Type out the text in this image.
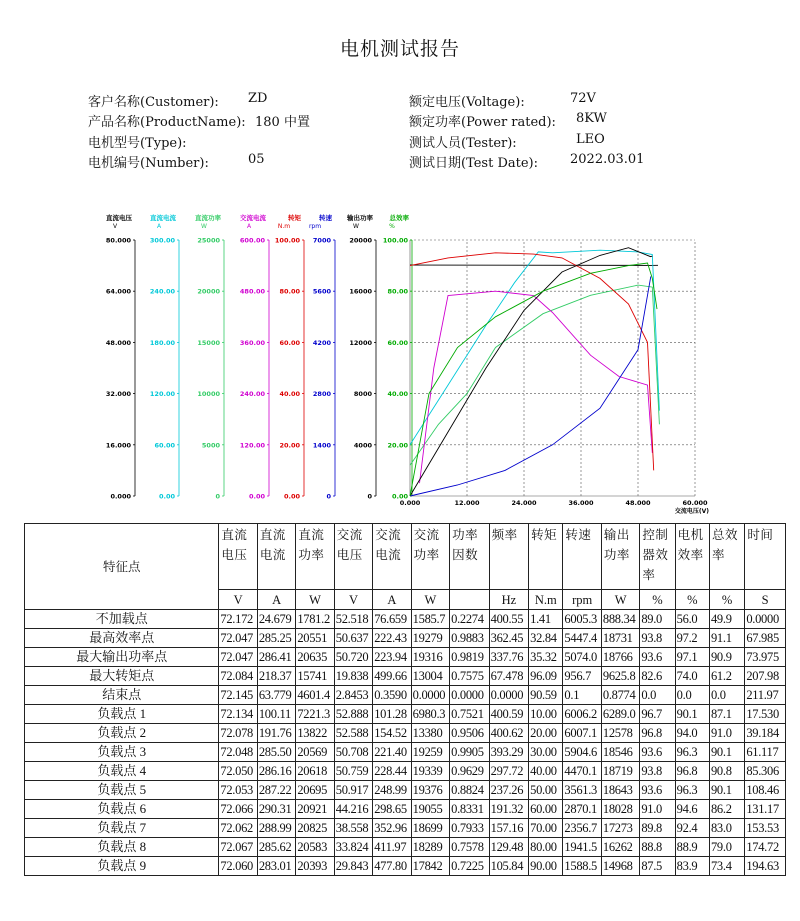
电机测试报告
客户名称(Customer): ZD
产品名称(ProductName): 180 中置
电机型号(Type):
电机编号(Number):	05
额定电压(Voltage):	72V
额定功率(Power rated): 8KW
测试人员(Tester):	LEO
测试日期(Test Date): 2022.03.01
直流电压
V
0.000
16.000
32.000
48.000
64.000
80.000
直流电流
A
0.00
60.00
120.00
180.00
240.00
300.00
直流功率
W
0
5000
10000
15000
20000
25000
交流电流
A
0.00
120.00
240.00
360.00
480.00
600.00
转矩
N.m
0.00
20.00
40.00
60.00
80.00
100.00
转速
rpm
0
1400
2800
4200
5600
7000
输出功率
W
0
4000
8000
12000
16000
20000
总效率
%
0.00
20.00
40.00
60.00
80.00
100.00
0.000	12.000	24.000	36.000	48.000	60.000
交流电压(V)
特征点	直流电压	直流电流	直流功率	交流电压	交流电流	交流功率	功率因数	频率	转矩	转速	输出功率	控制器效率	电机效率	总效率	时间
	V	A	W	V	A	W		Hz	N.m	rpm	W	%	%	%	S
不加载点	72.172	24.679	1781.2	52.518	76.659	1585.7	0.2274	400.55	1.41	6005.3	888.34	89.0	56.0	49.9	0.0000
最高效率点	72.047	285.25	20551	50.637	222.43	19279	0.9883	362.45	32.84	5447.4	18731	93.8	97.2	91.1	67.985
最大输出功率点	72.047	286.41	20635	50.720	223.94	19316	0.9819	337.76	35.32	5074.0	18766	93.6	97.1	90.9	73.975
最大转矩点	72.084	218.37	15741	19.838	499.66	13004	0.7575	67.478	96.09	956.7	9625.8	82.6	74.0	61.2	207.98
结束点	72.145	63.779	4601.4	2.8453	0.3590	0.0000	0.0000	0.0000	90.59	0.1	0.8774	0.0	0.0	0.0	211.97
负载点 1	72.134	100.11	7221.3	52.888	101.28	6980.3	0.7521	400.59	10.00	6006.2	6289.0	96.7	90.1	87.1	17.530
负载点 2	72.078	191.76	13822	52.588	154.52	13380	0.9506	400.62	20.00	6007.1	12578	96.8	94.0	91.0	39.184
负载点 3	72.048	285.50	20569	50.708	221.40	19259	0.9905	393.29	30.00	5904.6	18546	93.6	96.3	90.1	61.117
负载点 4	72.050	286.16	20618	50.759	228.44	19339	0.9629	297.72	40.00	4470.1	18719	93.8	96.8	90.8	85.306
负载点 5	72.053	287.22	20695	50.917	248.99	19376	0.8824	237.26	50.00	3561.3	18643	93.6	96.3	90.1	108.46
负载点 6	72.066	290.31	20921	44.216	298.65	19055	0.8331	191.32	60.00	2870.1	18028	91.0	94.6	86.2	131.17
负载点 7	72.062	288.99	20825	38.558	352.96	18699	0.7933	157.16	70.00	2356.7	17273	89.8	92.4	83.0	153.53
负载点 8	72.067	285.62	20583	33.824	411.97	18289	0.7578	129.48	80.00	1941.5	16262	88.8	88.9	79.0	174.72
负载点 9	72.060	283.01	20393	29.843	477.80	17842	0.7225	105.84	90.00	1588.5	14968	87.5	83.9	73.4	194.63
